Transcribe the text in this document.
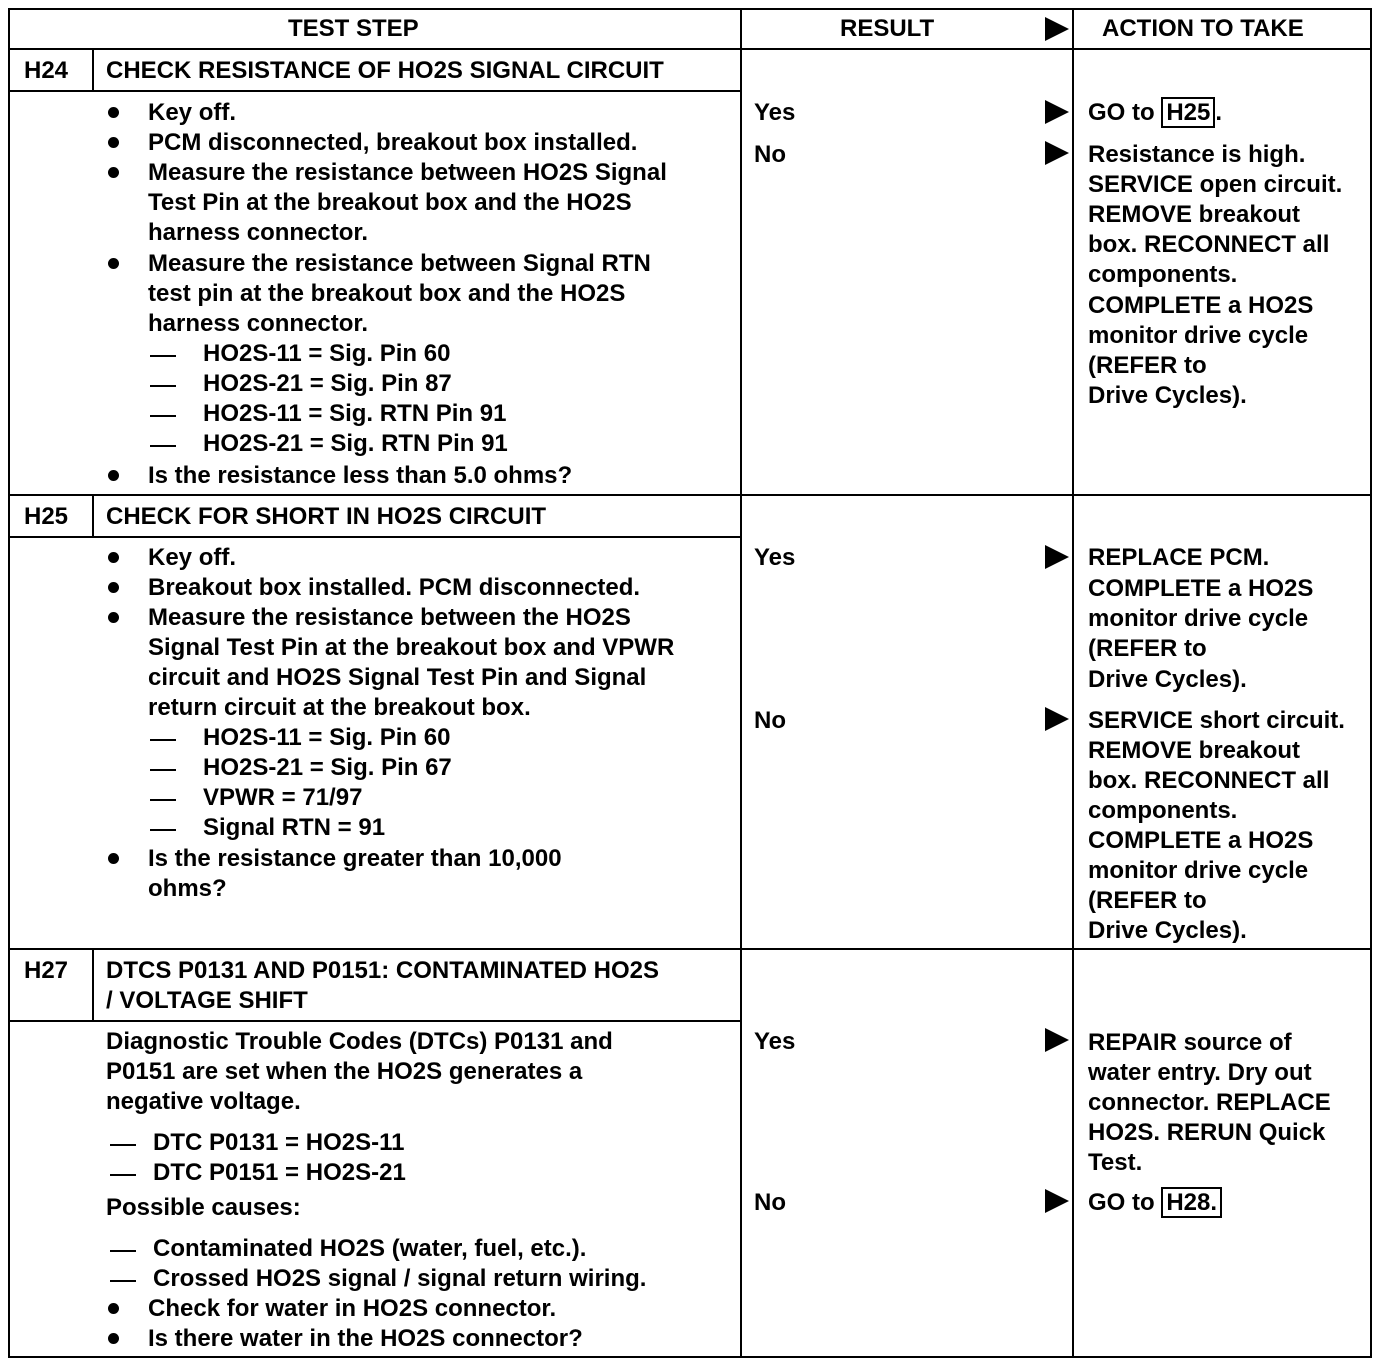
TEST STEP	RESULT	ACTION TO TAKE
H24 CHECK RESISTANCE OF HO2S SIGNAL CIRCUIT
Key off.
PCM disconnected, breakout box installed.
Measure the resistance between HO2S Signal
Test Pin at the breakout box and the HO2S
harness connector.
Measure the resistance between Signal RTN
test pin at the breakout box and the HO2S
harness connector.
HO2S-11 = Sig. Pin 60
HO2S-21 = Sig. Pin 87
HO2S-11 = Sig. RTN Pin 91
HO2S-21 = Sig. RTN Pin 91
Is the resistance less than 5.0 ohms?
Yes	GO to H25 .
No	Resistance is high.
SERVICE open circuit.
REMOVE breakout
box. RECONNECT all
components.
COMPLETE a HO2S
monitor drive cycle
(REFER to
Drive Cycles).
H25 CHECK FOR SHORT IN HO2S CIRCUIT
Key off.
Breakout box installed. PCM disconnected.
Measure the resistance between the HO2S
Signal Test Pin at the breakout box and VPWR
circuit and HO2S Signal Test Pin and Signal
return circuit at the breakout box.
HO2S-11 = Sig. Pin 60
HO2S-21 = Sig. Pin 67
VPWR = 71/97
Signal RTN = 91
Is the resistance greater than 10,000
ohms?
Yes	REPLACE PCM.
COMPLETE a HO2S
monitor drive cycle
(REFER to
Drive Cycles).
No	SERVICE short circuit.
REMOVE breakout
box. RECONNECT all
components.
COMPLETE a HO2S
monitor drive cycle
(REFER to
Drive Cycles).
H27 DTCS P0131 AND P0151: CONTAMINATED HO2S
/ VOLTAGE SHIFT
Diagnostic Trouble Codes (DTCs) P0131 and
P0151 are set when the HO2S generates a
negative voltage.
DTC P0131 = HO2S-11
DTC P0151 = HO2S-21
Possible causes:
Contaminated HO2S (water, fuel, etc.).
Crossed HO2S signal / signal return wiring.
Check for water in HO2S connector.
Is there water in the HO2S connector?
Yes	REPAIR source of
water entry. Dry out
connector. REPLACE
HO2S. RERUN Quick
Test.
No	GO to H28.
